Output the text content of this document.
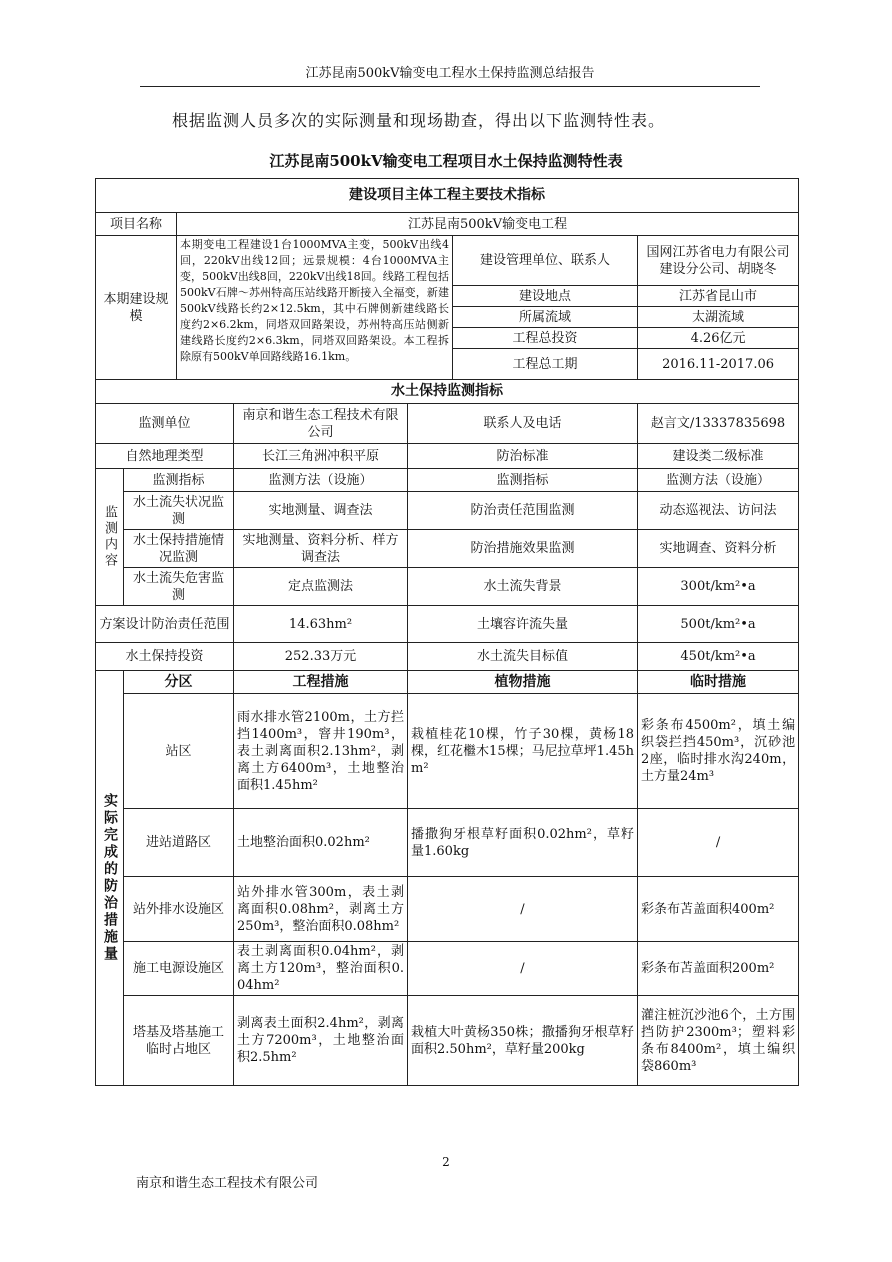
江苏昆南500kV输变电工程水土保持监测总结报告
根据监测人员多次的实际测量和现场勘查，得出以下监测特性表。
江苏昆南500kV输变电工程项目水土保持监测特性表
建设项目主体工程主要技术指标						
项目名称		江苏昆南500kV输变电工程				
本期建设规模		本期变电工程建设1台1000MVA主变，500kV出线4回，220kV出线12回；远景规模：4台1000MVA主变，500kV出线8回，220kV出线18回。线路工程包括500kV石牌～苏州特高压站线路开断接入全福变，新建500kV线路长约2×12.5km，其中石牌侧新建线路长度约2×6.2km，同塔双回路架设，苏州特高压站侧新建线路长度约2×6.3km，同塔双回路架设。本工程拆除原有500kV单回路线路16.1km。			建设管理单位、联系人	国网江苏省电力有限公司建设分公司、胡晓冬
					建设地点	江苏省昆山市
					所属流域	太湖流域
					工程总投资	4.26亿元
					工程总工期	2016.11-2017.06
水土保持监测指标						
监测单位			南京和谐生态工程技术有限公司	联系人及电话		赵言文/13337835698
自然地理类型			长江三角洲冲积平原	防治标准		建设类二级标准

监测内容	监测指标		监测方法（设施）	监测指标		监测方法（设施）
	水土流失状况监测		实地测量、调查法	防治责任范围监测		动态巡视法、访问法
	水土保持措施情况监测		实地测量、资料分析、样方调查法	防治措施效果监测		实地调查、资料分析
	水土流失危害监测		定点监测法	水土流失背景		300t/km²•a
方案设计防治责任范围			14.63hm²	土壤容许流失量		500t/km²•a
水土保持投资			252.33万元	水土流失目标值		450t/km²•a

实际完成的防治措施量	分区		工程措施	植物措施		临时措施
	站区		雨水排水管2100m，土方拦挡1400m³，窨井190m³，表土剥离面积2.13hm²，剥离土方6400m³，土地整治面积1.45hm²	栽植桂花10棵，竹子30棵，黄杨18棵，红花檵木15棵；马尼拉草坪1.45hm²		彩条布4500m²，填土编织袋拦挡450m³，沉砂池2座，临时排水沟240m，土方量24m³
	进站道路区		土地整治面积0.02hm²	播撒狗牙根草籽面积0.02hm²，草籽量1.60kg		/
	站外排水设施区		站外排水管300m，表土剥离面积0.08hm²，剥离土方250m³，整治面积0.08hm²	/		彩条布苫盖面积400m²
	施工电源设施区		表土剥离面积0.04hm²，剥离土方120m³，整治面积0.04hm²	/		彩条布苫盖面积200m²
	塔基及塔基施工临时占地区		剥离表土面积2.4hm²，剥离土方7200m³，土地整治面积2.5hm²	栽植大叶黄杨350株；撒播狗牙根草籽面积2.50hm²，草籽量200kg		灌注桩沉沙池6个，土方围挡防护2300m³；塑料彩条布8400m²，填土编织袋860m³
2
南京和谐生态工程技术有限公司
